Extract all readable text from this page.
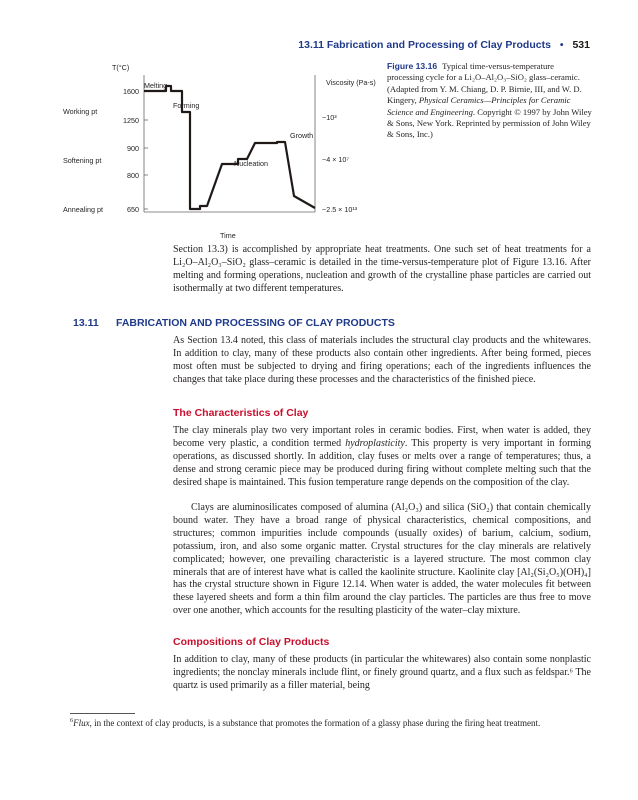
13.11 Fabrication and Processing of Clay Products • 531
T(°C)
Time
Viscosity (Pa-s)
1600
1250
900
800
650
Working pt
Softening pt
Annealing pt
Melting
Forming
Growth
Nucleation
~10³
~4 × 10⁷
~2.5 × 10¹³
Figure 13.16 Typical time-versus-temperature processing cycle for a Li₂O–Al₂O₃–SiO₂ glass–ceramic. (Adapted from Y. M. Chiang, D. P. Birnie, III, and W. D. Kingery, Physical Ceramics—Principles for Ceramic Science and Engineering. Copyright © 1997 by John Wiley & Sons, New York. Reprinted by permission of John Wiley & Sons, Inc.)

Section 13.3) is accomplished by appropriate heat treatments. One such set of heat treatments for a Li₂O–Al₂O₃–SiO₂ glass–ceramic is detailed in the time-versus-temperature plot of Figure 13.16. After melting and forming operations, nucleation and growth of the crystalline phase particles are carried out isothermally at two different temperatures.

13.11 FABRICATION AND PROCESSING OF CLAY PRODUCTS

As Section 13.4 noted, this class of materials includes the structural clay products and the whitewares. In addition to clay, many of these products also contain other ingredients. After being formed, pieces most often must be subjected to drying and firing operations; each of the ingredients influences the changes that take place during these processes and the characteristics of the finished piece.

The Characteristics of Clay

The clay minerals play two very important roles in ceramic bodies. First, when water is added, they become very plastic, a condition termed hydroplasticity. This property is very important in forming operations, as discussed shortly. In addition, clay fuses or melts over a range of temperatures; thus, a dense and strong ceramic piece may be produced during firing without complete melting such that the desired shape is maintained. This fusion temperature range depends on the composition of the clay.

Clays are aluminosilicates composed of alumina (Al₂O₃) and silica (SiO₂) that contain chemically bound water. They have a broad range of physical characteristics, chemical compositions, and structures; common impurities include compounds (usually oxides) of barium, calcium, sodium, potassium, iron, and also some organic matter. Crystal structures for the clay minerals are relatively complicated; however, one prevailing characteristic is a layered structure. The most common clay minerals that are of interest have what is called the kaolinite structure. Kaolinite clay [Al₂(Si₂O₅)(OH)₄] has the crystal structure shown in Figure 12.14. When water is added, the water molecules fit between these layered sheets and form a thin film around the clay particles. The particles are thus free to move over one another, which accounts for the resulting plasticity of the water–clay mixture.

Compositions of Clay Products

In addition to clay, many of these products (in particular the whitewares) also contain some nonplastic ingredients; the nonclay minerals include flint, or finely ground quartz, and a flux such as feldspar.⁶ The quartz is used primarily as a filler material, being

$^6$Flux, in the context of clay products, is a substance that promotes the formation of a glassy phase during the firing heat treatment.
